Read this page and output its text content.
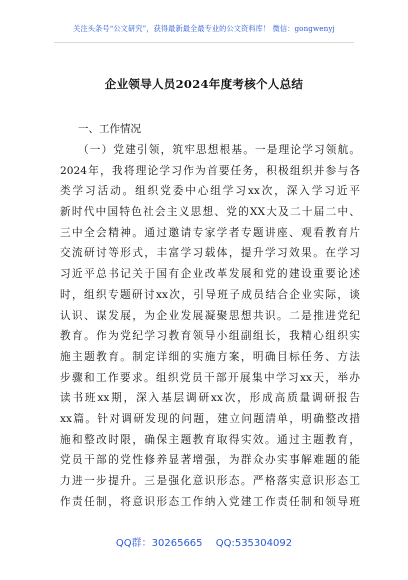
关注头条号“公文研究”，获得最新最全最专业的公文资料库！ 微信：gongwenyj
企业领导人员2024年度考核个人总结
一、工作情况
（一）党建引领，筑牢思想根基。一是理论学习领航。
2024年，我将理论学习作为首要任务，积极组织并参与各
类学习活动。组织党委中心组学习xx次，深入学习近平
新时代中国特色社会主义思想、党的XX大及二十届二中、
三中全会精神。通过邀请专家学者专题讲座、观看教育片
交流研讨等形式，丰富学习载体，提升学习效果。在学习
习近平总书记关于国有企业改革发展和党的建设重要论述
时，组织专题研讨xx次，引导班子成员结合企业实际，谈
认识、谋发展，为企业发展凝聚思想共识。二是推进党纪
教育。作为党纪学习教育领导小组副组长，我精心组织实
施主题教育。制定详细的实施方案，明确目标任务、方法
步骤和工作要求。组织党员干部开展集中学习xx天，举办
读书班xx期，深入基层调研xx次，形成高质量调研报告
xx篇。针对调研发现的问题，建立问题清单，明确整改措
施和整改时限，确保主题教育取得实效。通过主题教育，
党员干部的党性修养显著增强，为群众办实事解难题的能
力进一步提升。三是强化意识形态。严格落实意识形态工
作责任制，将意识形态工作纳入党建工作责任制和领导班
QQ群：30265665 QQ:535304092
